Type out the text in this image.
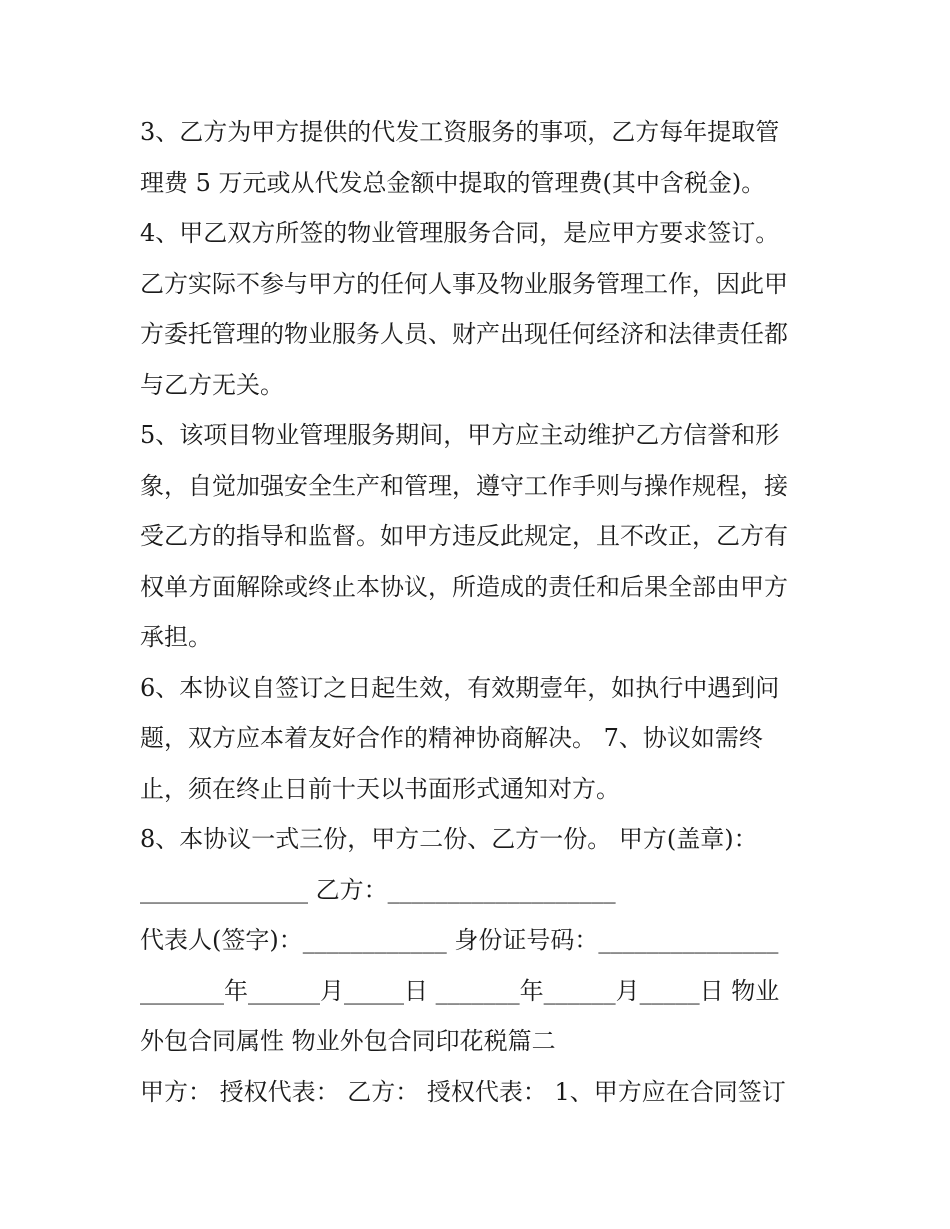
3、乙方为甲方提供的代发工资服务的事项，乙方每年提取管
理费 5 万元或从代发总金额中提取的管理费(其中含税金)。
4、甲乙双方所签的物业管理服务合同，是应甲方要求签订。
乙方实际不参与甲方的任何人事及物业服务管理工作，因此甲
方委托管理的物业服务人员、财产出现任何经济和法律责任都
与乙方无关。
5、该项目物业管理服务期间，甲方应主动维护乙方信誉和形
象，自觉加强安全生产和管理，遵守工作手则与操作规程，接
受乙方的指导和监督。如甲方违反此规定，且不改正，乙方有
权单方面解除或终止本协议，所造成的责任和后果全部由甲方
承担。
6、本协议自签订之日起生效，有效期壹年，如执行中遇到问
题，双方应本着友好合作的精神协商解决。 7、协议如需终
止，须在终止日前十天以书面形式通知对方。
8、本协议一式三份，甲方二份、乙方一份。 甲方(盖章)：
______________ 乙方：___________________
代表人(签字)：____________ 身份证号码：_______________
_______年______月_____日 _______年______月_____日 物业
外包合同属性 物业外包合同印花税篇二
甲方： 授权代表： 乙方： 授权代表： 1、甲方应在合同签订
